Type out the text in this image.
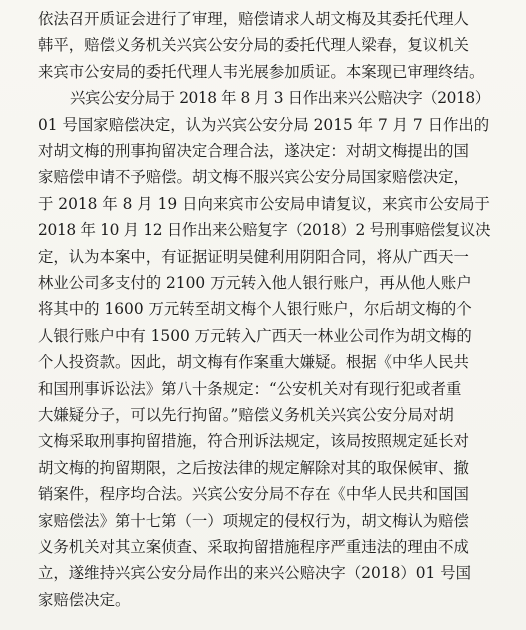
依法召开质证会进行了审理，赔偿请求人胡文梅及其委托代理人
韩平，赔偿义务机关兴宾公安分局的委托代理人梁春，复议机关
来宾市公安局的委托代理人韦光展参加质证。本案现已审理终结。
兴宾公安分局于 2018 年 8 月 3 日作出来兴公赔决字（2018）
01 号国家赔偿决定，认为兴宾公安分局 2015 年 7 月 7 日作出的
对胡文梅的刑事拘留决定合理合法，遂决定：对胡文梅提出的国
家赔偿申请不予赔偿。胡文梅不服兴宾公安分局国家赔偿决定，
于 2018 年 8 月 19 日向来宾市公安局申请复议，来宾市公安局于
2018 年 10 月 12 日作出来公赔复字（2018）2 号刑事赔偿复议决
定，认为本案中，有证据证明吴健利用阴阳合同，将从广西天一
林业公司多支付的 2100 万元转入他人银行账户，再从他人账户
将其中的 1600 万元转至胡文梅个人银行账户，尔后胡文梅的个
人银行账户中有 1500 万元转入广西天一林业公司作为胡文梅的
个人投资款。因此，胡文梅有作案重大嫌疑。根据《中华人民共
和国刑事诉讼法》第八十条规定：“公安机关对有现行犯或者重
大嫌疑分子，可以先行拘留。”赔偿义务机关兴宾公安分局对胡
文梅采取刑事拘留措施，符合刑诉法规定，该局按照规定延长对
胡文梅的拘留期限，之后按法律的规定解除对其的取保候审、撤
销案件，程序均合法。兴宾公安分局不存在《中华人民共和国国
家赔偿法》第十七第（一）项规定的侵权行为，胡文梅认为赔偿
义务机关对其立案侦查、采取拘留措施程序严重违法的理由不成
立，遂维持兴宾公安分局作出的来兴公赔决字（2018）01 号国
家赔偿决定。
